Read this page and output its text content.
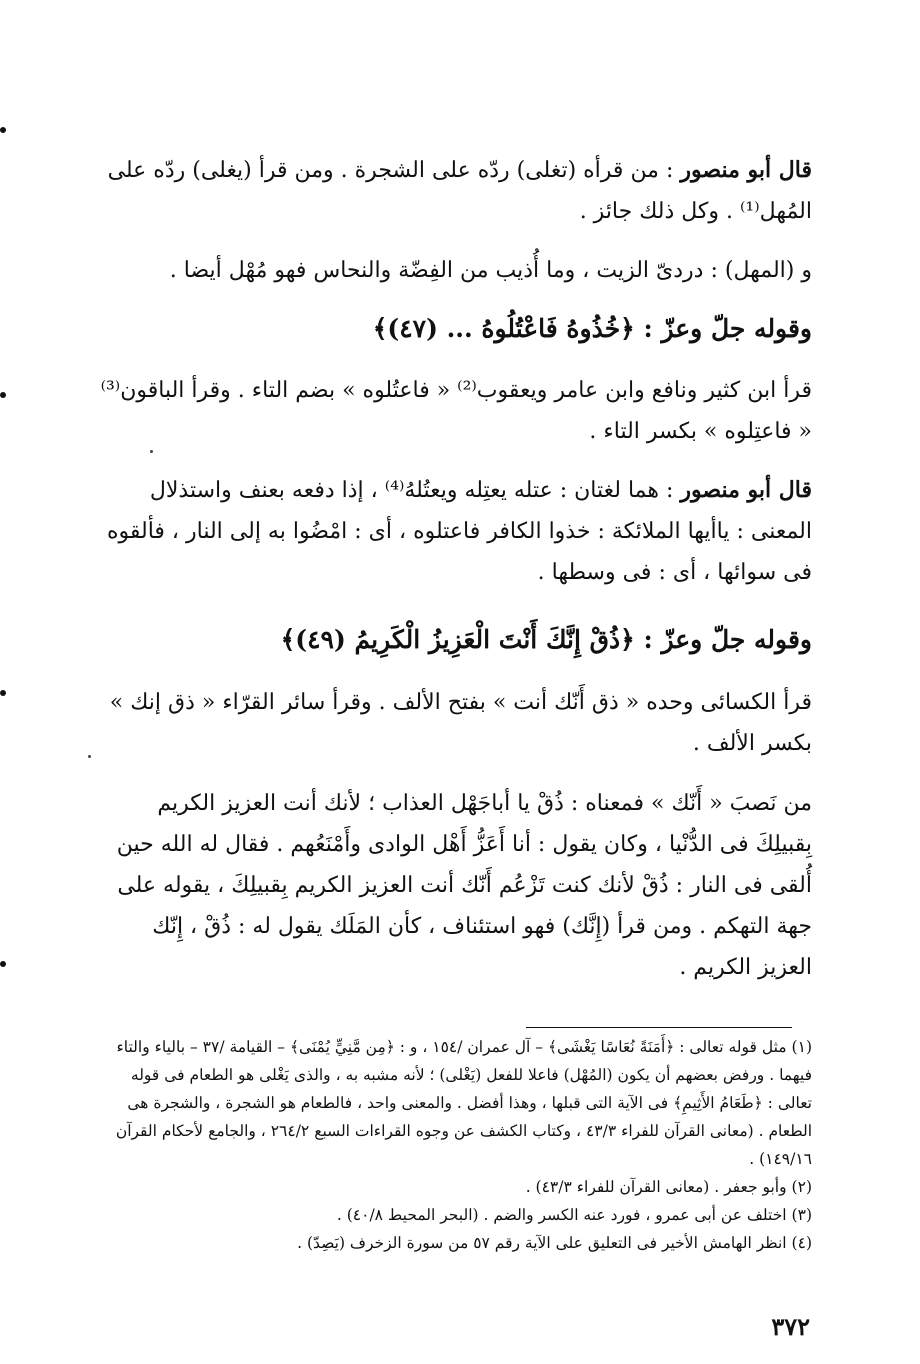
قال أبو منصور : من قرأه (تغلى) ردّه على الشجرة . ومن قرأ (يغلى) ردّه على المُهل⁽¹⁾ . وكل ذلك جائز .

و (المهل) : دردىّ الزيت ، وما أُذيب من الفِضّة والنحاس فهو مُهْل أيضا .

وقوله جلّ وعزّ : ﴿خُذُوهُ فَاعْتُلُوهُ ... (٤٧)﴾

قرأ ابن كثير ونافع وابن عامر ويعقوب⁽²⁾ « فاعتُلوه » بضم التاء . وقرأ الباقون⁽³⁾ « فاعتِلوه » بكسر التاء .

قال أبو منصور : هما لغتان : عتله يعتِله ويعتُلهُ⁽⁴⁾ ، إذا دفعه بعنف واستذلال المعنى : ياأيها الملائكة : خذوا الكافر فاعتلوه ، أى : امْضُوا به إلى النار ، فألقوه فى سوائها ، أى : فى وسطها .

وقوله جلّ وعزّ : ﴿ذُقْ إِنَّكَ أَنْتَ الْعَزِيزُ الْكَرِيمُ (٤٩)﴾

قرأ الكسائى وحده « ذق أَنّك أنت » بفتح الألف . وقرأ سائر القرّاء « ذق إنك » بكسر الألف .

من نَصبَ « أَنّك » فمعناه : ذُقْ يا أباجَهْل العذاب ؛ لأنك أنت العزيز الكريم بِقبيلِكَ فى الدُّنْيا ، وكان يقول : أنا أَعَزُّ أَهْل الوادى وأَمْنَعُهم . فقال له الله حين أُلقى فى النار : ذُقْ لأنك كنت تَزْعُم أَنّك أنت العزيز الكريم بِقبيلِكَ ، يقوله على جهة التهكم . ومن قرأ (إِنَّك) فهو استئناف ، كأن المَلَك يقول له : ذُقْ ، إِنّك العزيز الكريم .

(١) مثل قوله تعالى : ﴿أَمَنَةً نُعَاسًا يَغْشَى﴾ – آل عمران /١٥٤ ، و : ﴿مِن مَّنِيٍّ يُمْنَى﴾ – القيامة /٣٧ – بالياء والتاء فيهما . ورفض بعضهم أن يكون (المُهْل) فاعلا للفعل (يَغْلى) ؛ لأنه مشبه به ، والذى يَغْلى هو الطعام فى قوله تعالى : ﴿طَعَامُ الأَثِيمِ﴾ فى الآية التى قبلها ، وهذا أفضل . والمعنى واحد ، فالطعام هو الشجرة ، والشجرة هى الطعام . (معانى القرآن للفراء ٤٣/٣ ، وكتاب الكشف عن وجوه القراءات السبع ٢٦٤/٢ ، والجامع لأحكام القرآن ١٤٩/١٦) .

(٢) وأبو جعفر . (معانى القرآن للفراء ٤٣/٣) .

(٣) اختلف عن أبى عمرو ، فورد عنه الكسر والضم . (البحر المحيط ٤٠/٨) .

(٤) انظر الهامش الأخير فى التعليق على الآية رقم ٥٧ من سورة الزخرف (يَصِدّ) .

٣٧٢
